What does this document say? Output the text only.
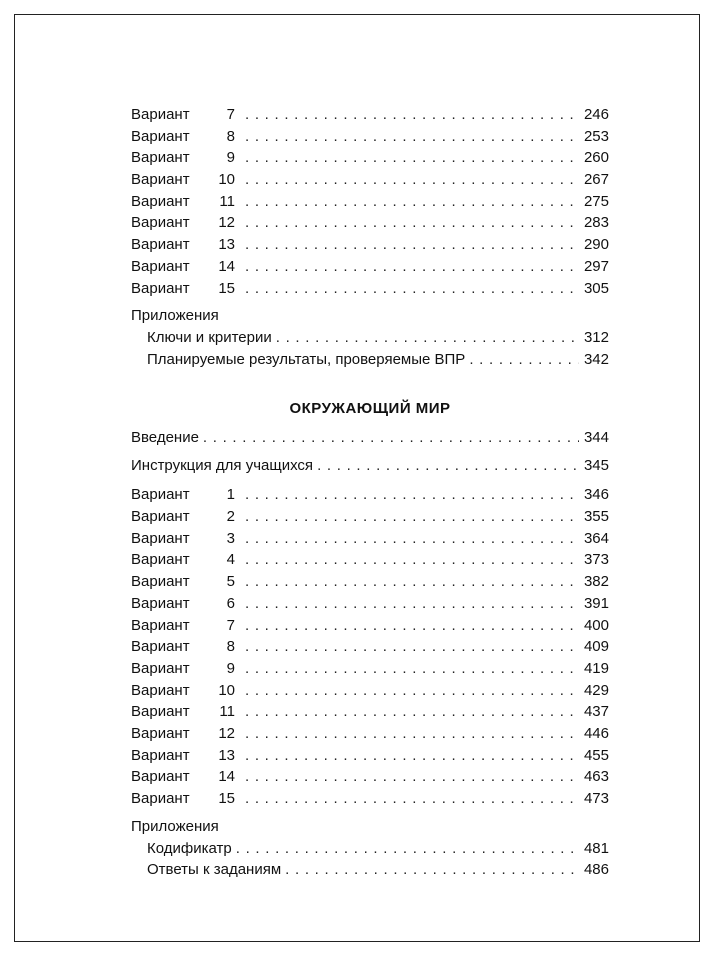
Вариант	7 . . .	246
Вариант	8 . . .	253
Вариант	9 . . .	260
Вариант	10 . . .	267
Вариант	11 . . .	275
Вариант	12 . . .	283
Вариант	13 . . .	290
Вариант	14 . . .	297
Вариант	15 . . .	305
Приложения
Ключи и критерии . . .	312
Планируемые результаты, проверяемые ВПР . . .	342
ОКРУЖАЮЩИЙ МИР
Введение . . .	344
Инструкция для учащихся . . .	345
Вариант	1 . . .	346
Вариант	2 . . .	355
Вариант	3 . . .	364
Вариант	4 . . .	373
Вариант	5 . . .	382
Вариант	6 . . .	391
Вариант	7 . . .	400
Вариант	8 . . .	409
Вариант	9 . . .	419
Вариант	10 . . .	429
Вариант	11 . . .	437
Вариант	12 . . .	446
Вариант	13 . . .	455
Вариант	14 . . .	463
Вариант	15 . . .	473
Приложения
Кодификатр . . .	481
Ответы к заданиям . . .	486
